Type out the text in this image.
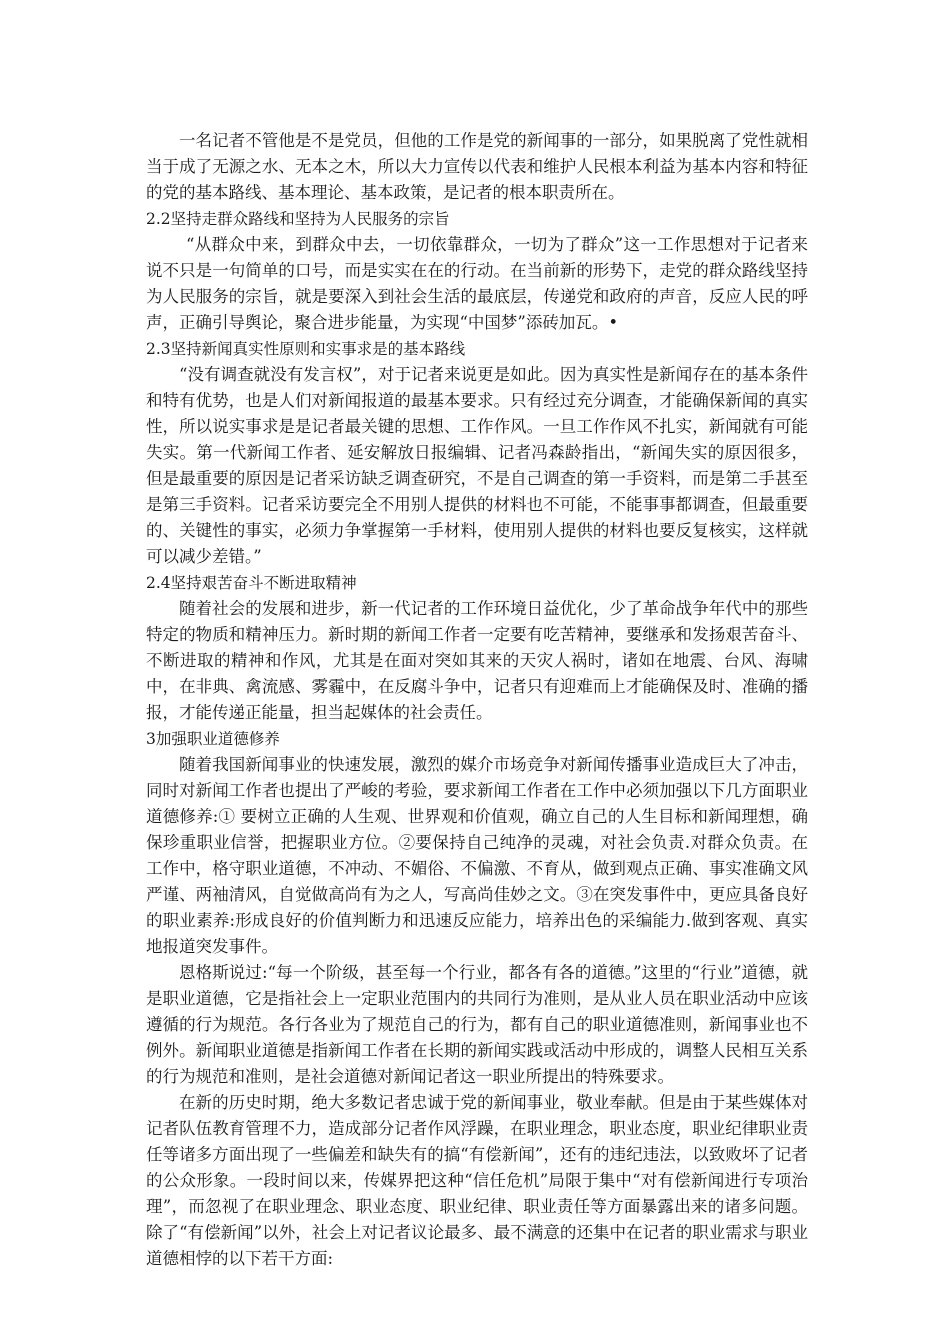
一名记者不管他是不是党员，但他的工作是党的新闻事的一部分，如果脱离了党性就相当于成了无源之水、无本之木，所以大力宣传以代表和维护人民根本利益为基本内容和特征的党的基本路线、基本理论、基本政策，是记者的根本职责所在。

2.2坚持走群众路线和坚持为人民服务的宗旨

“从群众中来，到群众中去，一切依靠群众，一切为了群众”这一工作思想对于记者来说不只是一句简单的口号，而是实实在在的行动。在当前新的形势下，走党的群众路线坚持为人民服务的宗旨，就是要深入到社会生活的最底层，传递党和政府的声音，反应人民的呼声，正确引导舆论，聚合进步能量，为实现“中国梦”添砖加瓦。•

2.3坚持新闻真实性原则和实事求是的基本路线

“没有调查就没有发言权”，对于记者来说更是如此。因为真实性是新闻存在的基本条件和特有优势，也是人们对新闻报道的最基本要求。只有经过充分调查，才能确保新闻的真实性，所以说实事求是是记者最关键的思想、工作作风。一旦工作作风不扎实，新闻就有可能失实。第一代新闻工作者、延安解放日报编辑、记者冯森龄指出，“新闻失实的原因很多，但是最重要的原因是记者采访缺乏调查研究，不是自己调查的第一手资料，而是第二手甚至是第三手资料。记者采访要完全不用别人提供的材料也不可能，不能事事都调查，但最重要的、关键性的事实，必须力争掌握第一手材料，使用别人提供的材料也要反复核实，这样就可以减少差错。”

2.4坚持艰苦奋斗不断进取精神

随着社会的发展和进步，新一代记者的工作环境日益优化，少了革命战争年代中的那些特定的物质和精神压力。新时期的新闻工作者一定要有吃苦精神，要继承和发扬艰苦奋斗、不断进取的精神和作风，尤其是在面对突如其来的天灾人祸时，诸如在地震、台风、海啸中，在非典、禽流感、雾霾中，在反腐斗争中，记者只有迎难而上才能确保及时、准确的播报，才能传递正能量，担当起媒体的社会责任。

3加强职业道德修养

随着我国新闻事业的快速发展，激烈的媒介市场竞争对新闻传播事业造成巨大了冲击，同时对新闻工作者也提出了严峻的考验，要求新闻工作者在工作中必须加强以下几方面职业道德修养:① 要树立正确的人生观、世界观和价值观，确立自己的人生目标和新闻理想，确保珍重职业信誉，把握职业方位。②要保持自己纯净的灵魂，对社会负责.对群众负责。在工作中，格守职业道德，不冲动、不媚俗、不偏激、不育从，做到观点正确、事实准确文风严谨、两袖清风，自觉做高尚有为之人，写高尚佳妙之文。③在突发事件中，更应具备良好的职业素养:形成良好的价值判断力和迅速反应能力，培养出色的采编能力.做到客观、真实地报道突发事件。

恩格斯说过:“每一个阶级，甚至每一个行业，都各有各的道德。”这里的“行业”道德，就是职业道德，它是指社会上一定职业范围内的共同行为准则，是从业人员在职业活动中应该遵循的行为规范。各行各业为了规范自己的行为，都有自己的职业道德准则，新闻事业也不例外。新闻职业道德是指新闻工作者在长期的新闻实践或活动中形成的，调整人民相互关系的行为规范和准则，是社会道德对新闻记者这一职业所提出的特殊要求。

在新的历史时期，绝大多数记者忠诚于党的新闻事业，敬业奉献。但是由于某些媒体对记者队伍教育管理不力，造成部分记者作风浮躁，在职业理念，职业态度，职业纪律职业责任等诸多方面出现了一些偏差和缺失有的搞“有偿新闻”，还有的违纪违法，以致败坏了记者的公众形象。一段时间以来，传媒界把这种“信任危机”局限于集中“对有偿新闻进行专项治理”，而忽视了在职业理念、职业态度、职业纪律、职业责任等方面暴露出来的诸多问题。除了“有偿新闻”以外，社会上对记者议论最多、最不满意的还集中在记者的职业需求与职业道德相悖的以下若干方面:
